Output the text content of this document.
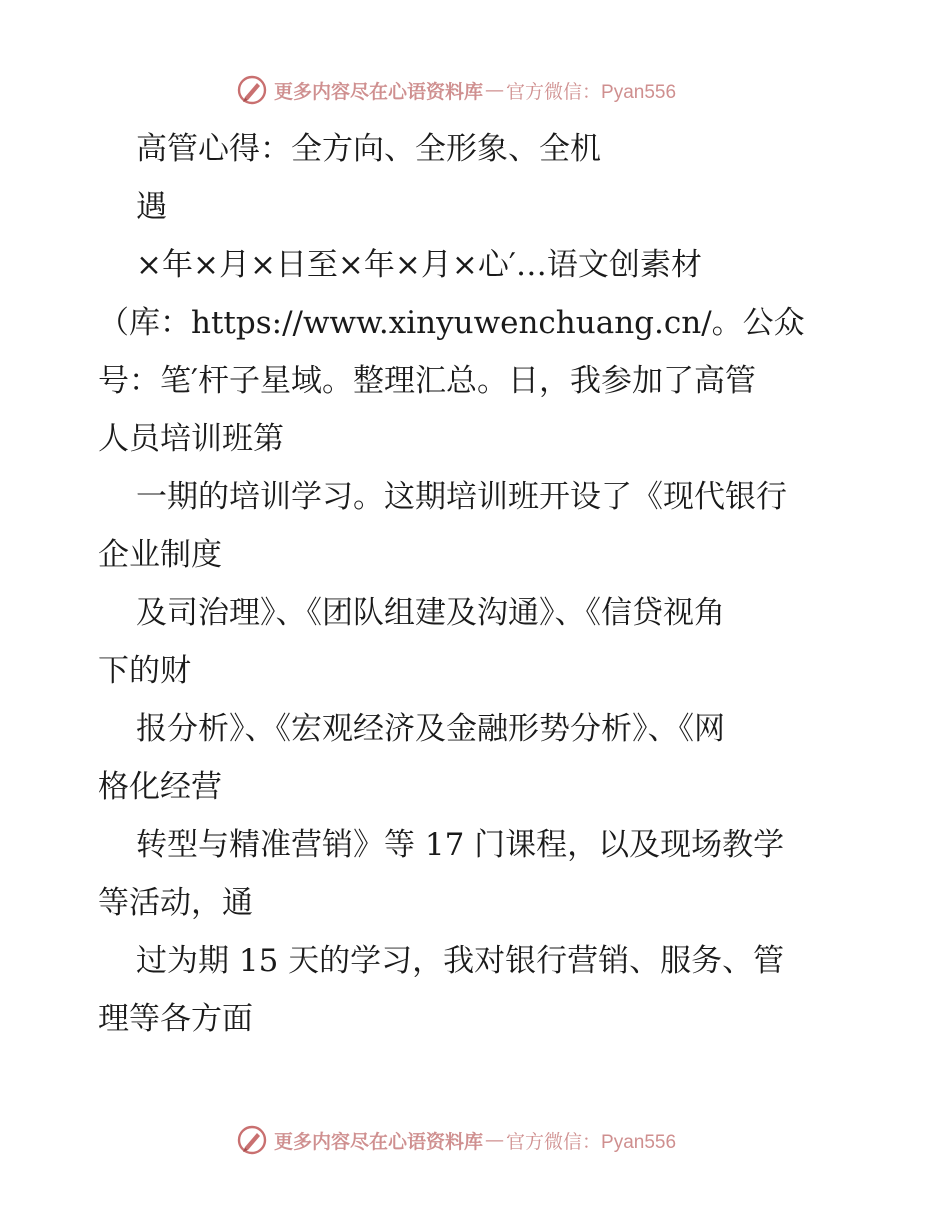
更多内容尽在心语资料库 — 官方微信：Pyan556
高管心得：全方向、全形象、全机
遇
×年×月×日至×年×月×心′…语文创素材
（库：https://www.xinyuwenchuang.cn/。公众
号：笔′杆子星域。整理汇总。日，我参加了高管
人员培训班第
一期的培训学习。这期培训班开设了《现代银行
企业制度
及司治理》、《团队组建及沟通》、《信贷视角
下的财
报分析》、《宏观经济及金融形势分析》、《网
格化经营
转型与精准营销》等 17 门课程，以及现场教学
等活动，通
过为期 15 天的学习，我对银行营销、服务、管
理等各方面
更多内容尽在心语资料库 — 官方微信：Pyan556
